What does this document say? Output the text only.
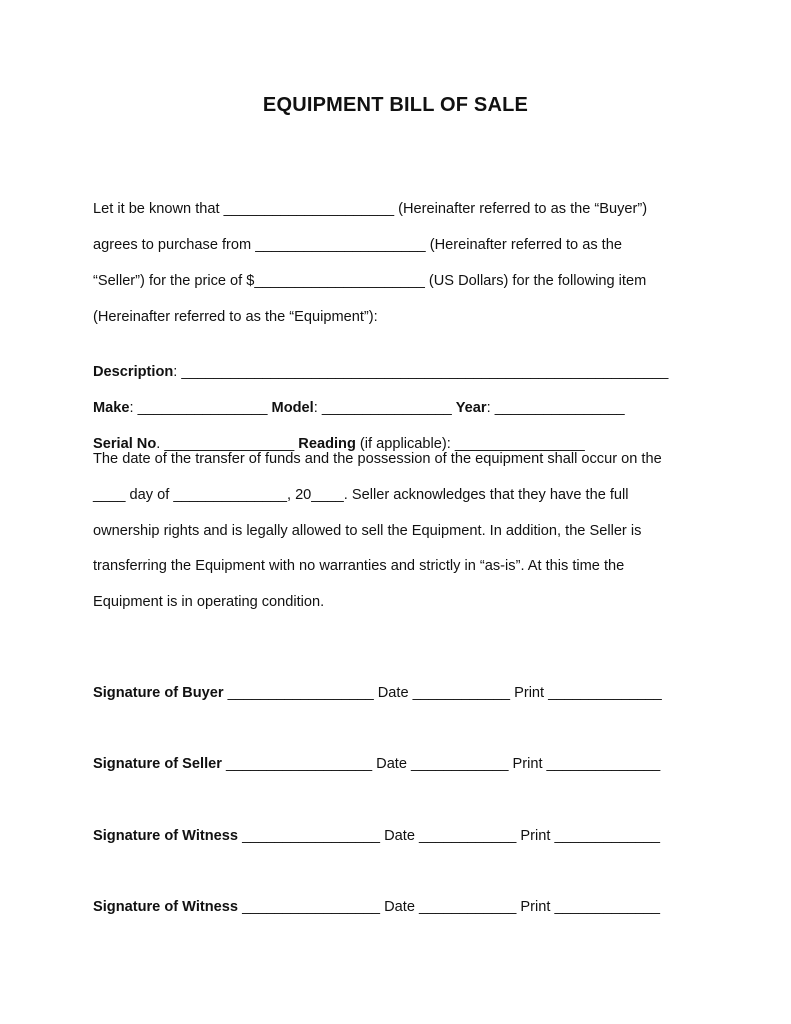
EQUIPMENT BILL OF SALE
Let it be known that _____________________ (Hereinafter referred to as the “Buyer”)
agrees to purchase from _____________________ (Hereinafter referred to as the
“Seller”) for the price of $_____________________ (US Dollars) for the following item
(Hereinafter referred to as the “Equipment”):

Description: ____________________________________________________________

Make: ________________ Model: ________________ Year: ________________

Serial No. ________________ Reading (if applicable): ________________

The date of the transfer of funds and the possession of the equipment shall occur on the
____ day of ______________, 20____. Seller acknowledges that they have the full
ownership rights and is legally allowed to sell the Equipment. In addition, the Seller is
transferring the Equipment with no warranties and strictly in “as-is”. At this time the
Equipment is in operating condition.

Signature of Buyer __________________ Date ____________ Print ______________

Signature of Seller __________________ Date ____________ Print ______________

Signature of Witness _________________ Date ____________ Print _____________

Signature of Witness _________________ Date ____________ Print _____________
